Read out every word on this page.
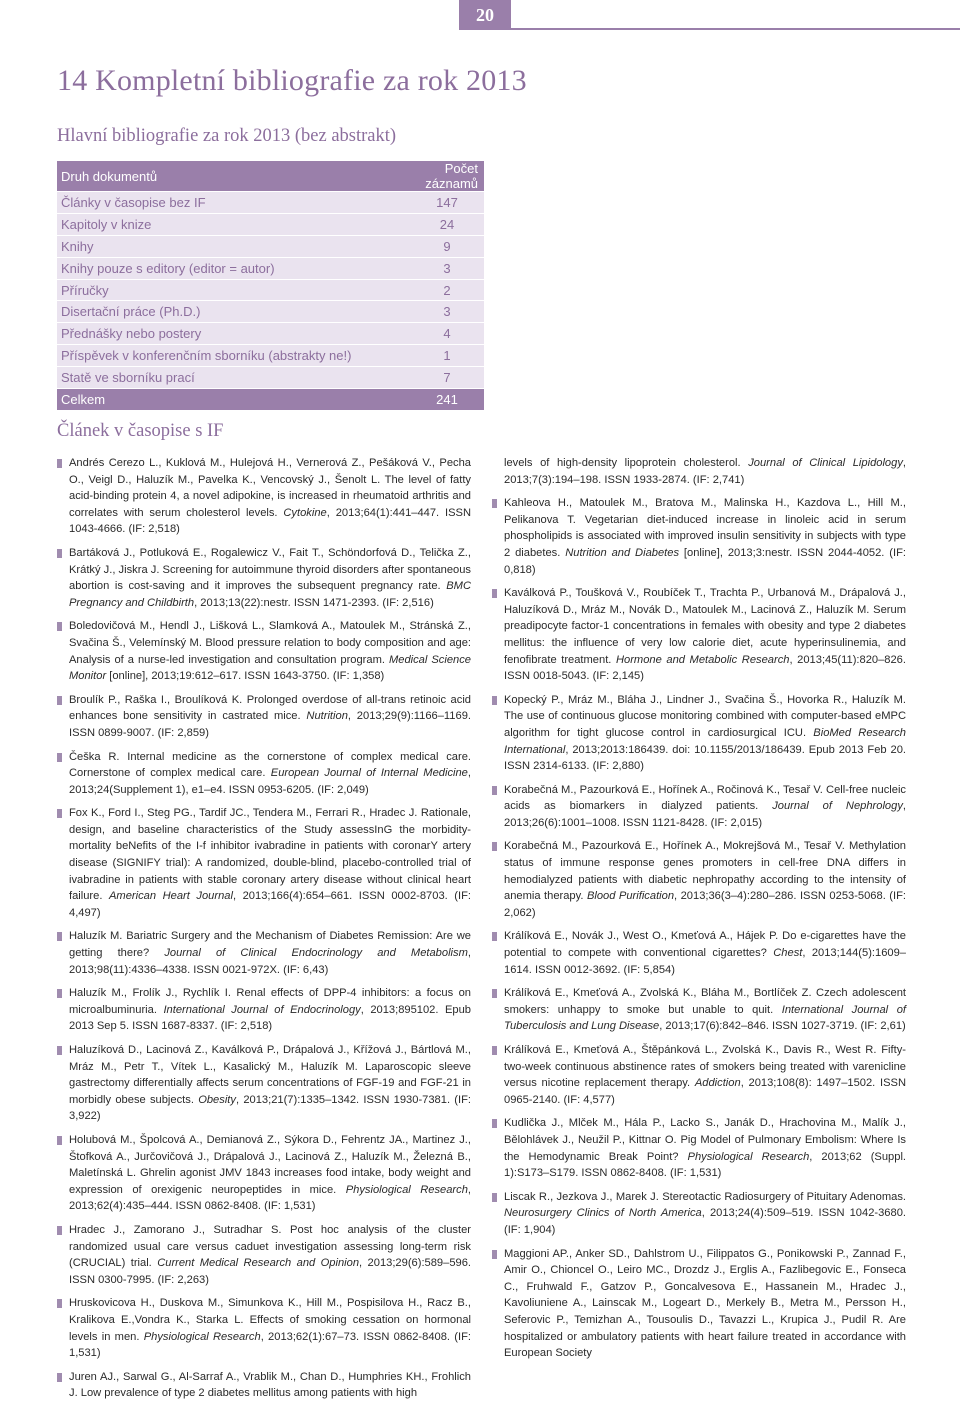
20
14 Kompletní bibliografie za rok 2013
Hlavní bibliografie za rok 2013 (bez abstrakt)
Druh dokumentů	Počet záznamů
Články v časopise bez IF	147
Kapitoly v knize	24
Knihy	9
Knihy pouze s editory (editor = autor)	3
Příručky	2
Disertační práce (Ph.D.)	3
Přednášky nebo postery	4
Příspěvek v konferenčním sborníku (abstrakty ne!)	1
Statě ve sborníku prací	7
Celkem	241
Článek v časopise s IF

Andrés Cerezo L., Kuklová M., Hulejová H., Vernerová Z., Pešáková V., Pecha O., Veigl D., Haluzík M., Pavelka K., Vencovský J., Šenolt L. The level of fatty acid-binding protein 4, a novel adipokine, is increased in rheumatoid arthritis and correlates with serum cholesterol levels. Cytokine, 2013;64(1):441–447. ISSN 1043-4666. (IF: 2,518)

Bartáková J., Potluková E., Rogalewicz V., Fait T., Schöndorfová D., Telička Z., Krátký J., Jiskra J. Screening for autoimmune thyroid disorders after spontaneous abortion is cost-saving and it improves the subsequent pregnancy rate. BMC Pregnancy and Childbirth, 2013;13(22):nestr. ISSN 1471-2393. (IF: 2,516)

Boledovičová M., Hendl J., Lišková L., Slamková A., Matoulek M., Stránská Z., Svačina Š., Velemínský M. Blood pressure relation to body composition and age: Analysis of a nurse-led investigation and consultation program. Medical Science Monitor [online], 2013;19:612–617. ISSN 1643-3750. (IF: 1,358)

Broulík P., Raška I., Broulíková K. Prolonged overdose of all-trans retinoic acid enhances bone sensitivity in castrated mice. Nutrition, 2013;29(9):1166–1169. ISSN 0899-9007. (IF: 2,859)

Češka R. Internal medicine as the cornerstone of complex medical care. Cornerstone of complex medical care. European Journal of Internal Medicine, 2013;24(Supplement 1), e1–e4. ISSN 0953-6205. (IF: 2,049)

Fox K., Ford I., Steg PG., Tardif JC., Tendera M., Ferrari R., Hradec J. Rationale, design, and baseline characteristics of the Study assessInG the morbidity-mortality beNefits of the I-f inhibitor ivabradine in patients with coronarY artery disease (SIGNIFY trial): A randomized, double-blind, placebo-controlled trial of ivabradine in patients with stable coronary artery disease without clinical heart failure. American Heart Journal, 2013;166(4):654–661. ISSN 0002-8703. (IF: 4,497)

Haluzík M. Bariatric Surgery and the Mechanism of Diabetes Remission: Are we getting there? Journal of Clinical Endocrinology and Metabolism, 2013;98(11):4336–4338. ISSN 0021-972X. (IF: 6,43)

Haluzík M., Frolík J., Rychlík I. Renal effects of DPP-4 inhibitors: a focus on microalbuminuria. International Journal of Endocrinology, 2013;895102. Epub 2013 Sep 5. ISSN 1687-8337. (IF: 2,518)

Haluzíková D., Lacinová Z., Kaválková P., Drápalová J., Křížová J., Bártlová M., Mráz M., Petr T., Vítek L., Kasalický M., Haluzík M. Laparoscopic sleeve gastrectomy differentially affects serum concentrations of FGF-19 and FGF-21 in morbidly obese subjects. Obesity, 2013;21(7):1335–1342. ISSN 1930-7381. (IF: 3,922)

Holubová M., Špolcová A., Demianová Z., Sýkora D., Fehrentz JA., Martinez J., Štofková A., Jurčovičová J., Drápalová J., Lacinová Z., Haluzík M., Železná B., Maletínská L. Ghrelin agonist JMV 1843 increases food intake, body weight and expression of orexigenic neuropeptides in mice. Physiological Research, 2013;62(4):435–444. ISSN 0862-8408. (IF: 1,531)

Hradec J., Zamorano J., Sutradhar S. Post hoc analysis of the cluster randomized usual care versus caduet investigation assessing long-term risk (CRUCIAL) trial. Current Medical Research and Opinion, 2013;29(6):589–596. ISSN 0300-7995. (IF: 2,263)

Hruskovicova H., Duskova M., Simunkova K., Hill M., Pospisilova H., Racz B., Kralikova E.,Vondra K., Starka L. Effects of smoking cessation on hormonal levels in men. Physiological Research, 2013;62(1):67–73. ISSN 0862-8408. (IF: 1,531)

Juren AJ., Sarwal G., Al-Sarraf A., Vrablik M., Chan D., Humphries KH., Frohlich J. Low prevalence of type 2 diabetes mellitus among patients with high

levels of high-density lipoprotein cholesterol. Journal of Clinical Lipidology, 2013;7(3):194–198. ISSN 1933-2874. (IF: 2,741)

Kahleova H., Matoulek M., Bratova M., Malinska H., Kazdova L., Hill M., Pelikanova T. Vegetarian diet-induced increase in linoleic acid in serum phospholipids is associated with improved insulin sensitivity in subjects with type 2 diabetes. Nutrition and Diabetes [online], 2013;3:nestr. ISSN 2044-4052. (IF: 0,818)

Kaválková P., Toušková V., Roubíček T., Trachta P., Urbanová M., Drápalová J., Haluzíková D., Mráz M., Novák D., Matoulek M., Lacinová Z., Haluzík M. Serum preadipocyte factor-1 concentrations in females with obesity and type 2 diabetes mellitus: the influence of very low calorie diet, acute hyperinsulinemia, and fenofibrate treatment. Hormone and Metabolic Research, 2013;45(11):820–826. ISSN 0018-5043. (IF: 2,145)

Kopecký P., Mráz M., Bláha J., Lindner J., Svačina Š., Hovorka R., Haluzík M. The use of continuous glucose monitoring combined with computer-based eMPC algorithm for tight glucose control in cardiosurgical ICU. BioMed Research International, 2013;2013:186439. doi: 10.1155/2013/186439. Epub 2013 Feb 20. ISSN 2314-6133. (IF: 2,880)

Korabečná M., Pazourková E., Hořínek A., Ročinová K., Tesař V. Cell-free nucleic acids as biomarkers in dialyzed patients. Journal of Nephrology, 2013;26(6):1001–1008. ISSN 1121-8428. (IF: 2,015)

Korabečná M., Pazourková E., Hořínek A., Mokrejšová M., Tesař V. Methylation status of immune response genes promoters in cell-free DNA differs in hemodialyzed patients with diabetic nephropathy according to the intensity of anemia therapy. Blood Purification, 2013;36(3–4):280–286. ISSN 0253-5068. (IF: 2,062)

Králíková E., Novák J., West O., Kmeťová A., Hájek P. Do e-cigarettes have the potential to compete with conventional cigarettes? Chest, 2013;144(5):1609–1614. ISSN 0012-3692. (IF: 5,854)

Králíková E., Kmeťová A., Zvolská K., Bláha M., Bortlíček Z. Czech adolescent smokers: unhappy to smoke but unable to quit. International Journal of Tuberculosis and Lung Disease, 2013;17(6):842–846. ISSN 1027-3719. (IF: 2,61)

Králíková E., Kmeťová A., Štěpánková L., Zvolská K., Davis R., West R. Fifty-two-week continuous abstinence rates of smokers being treated with varenicline versus nicotine replacement therapy. Addiction, 2013;108(8): 1497–1502. ISSN 0965-2140. (IF: 4,577)

Kudlička J., Mlček M., Hála P., Lacko S., Janák D., Hrachovina M., Malík J., Bělohlávek J., Neužil P., Kittnar O. Pig Model of Pulmonary Embolism: Where Is the Hemodynamic Break Point? Physiological Research, 2013;62 (Suppl. 1):S173–S179. ISSN 0862-8408. (IF: 1,531)

Liscak R., Jezkova J., Marek J. Stereotactic Radiosurgery of Pituitary Adenomas. Neurosurgery Clinics of North America, 2013;24(4):509–519. ISSN 1042-3680. (IF: 1,904)

Maggioni AP., Anker SD., Dahlstrom U., Filippatos G., Ponikowski P., Zannad F., Amir O., Chioncel O., Leiro MC., Drozdz J., Erglis A., Fazlibegovic E., Fonseca C., Fruhwald F., Gatzov P., Goncalvesova E., Hassanein M., Hradec J., Kavoliuniene A., Lainscak M., Logeart D., Merkely B., Metra M., Persson H., Seferovic P., Temizhan A., Tousoulis D., Tavazzi L., Krupica J., Pudil R. Are hospitalized or ambulatory patients with heart failure treated in accordance with European Society
